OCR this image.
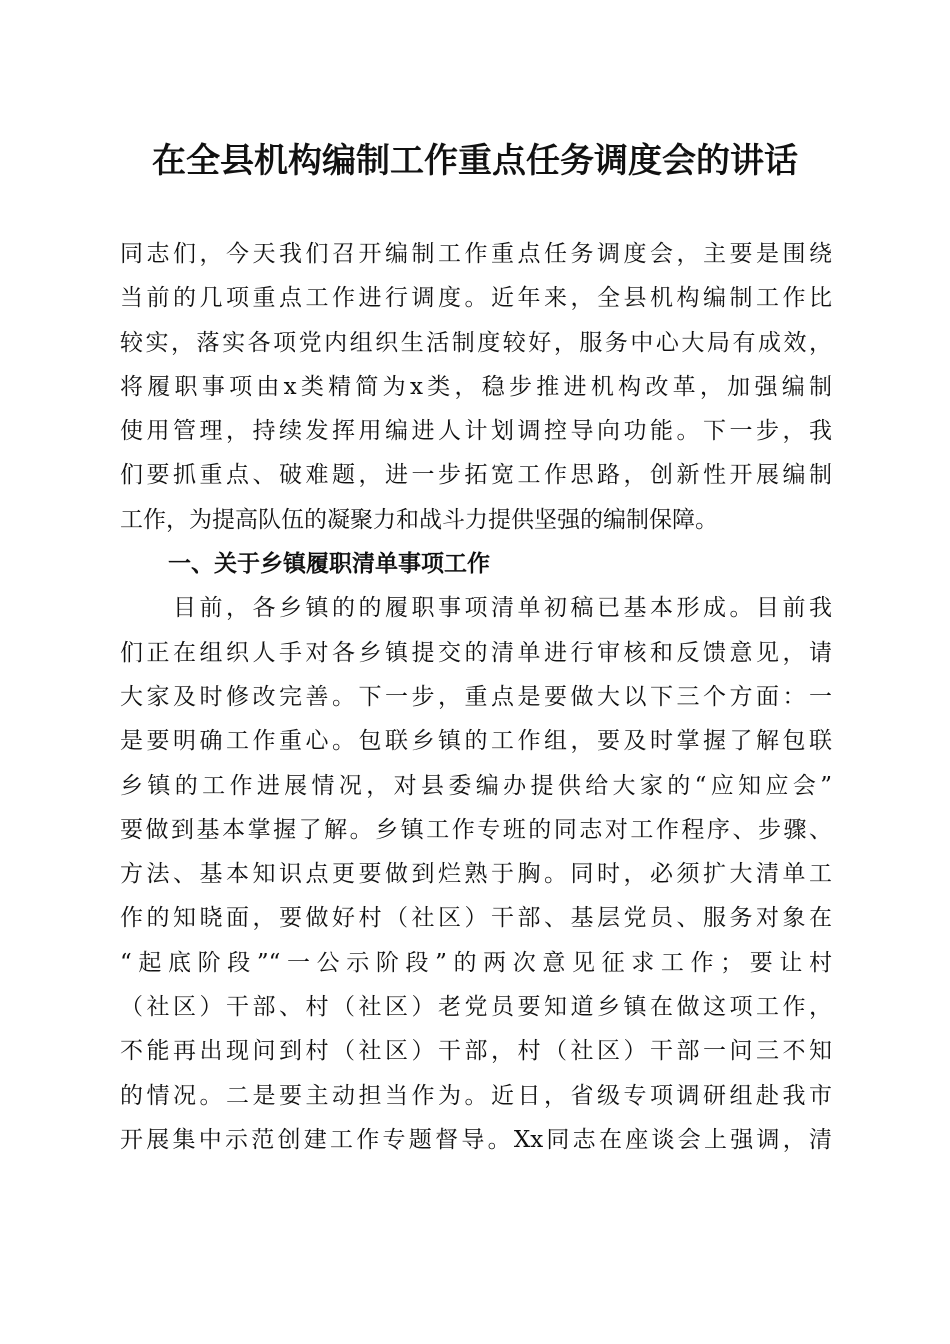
在全县机构编制工作重点任务调度会的讲话
同志们，今天我们召开编制工作重点任务调度会，主要是围绕
当前的几项重点工作进行调度。近年来，全县机构编制工作比
较实，落实各项党内组织生活制度较好，服务中心大局有成效，
将履职事项由x类精简为x类，稳步推进机构改革，加强编制
使用管理，持续发挥用编进人计划调控导向功能。下一步，我
们要抓重点、破难题，进一步拓宽工作思路，创新性开展编制
工作，为提高队伍的凝聚力和战斗力提供坚强的编制保障。
一、关于乡镇履职清单事项工作
　　目前，各乡镇的的履职事项清单初稿已基本形成。目前我
们正在组织人手对各乡镇提交的清单进行审核和反馈意见，请
大家及时修改完善。下一步，重点是要做大以下三个方面：一
是要明确工作重心。包联乡镇的工作组，要及时掌握了解包联
乡镇的工作进展情况，对县委编办提供给大家的“应知应会”
要做到基本掌握了解。乡镇工作专班的同志对工作程序、步骤、
方法、基本知识点更要做到烂熟于胸。同时，必须扩大清单工
作的知晓面，要做好村（社区）干部、基层党员、服务对象在
“起底阶段”“一公示阶段”的两次意见征求工作；要让村
（社区）干部、村（社区）老党员要知道乡镇在做这项工作，
不能再出现问到村（社区）干部，村（社区）干部一问三不知
的情况。二是要主动担当作为。近日，省级专项调研组赴我市
开展集中示范创建工作专题督导。Xx同志在座谈会上强调，清
